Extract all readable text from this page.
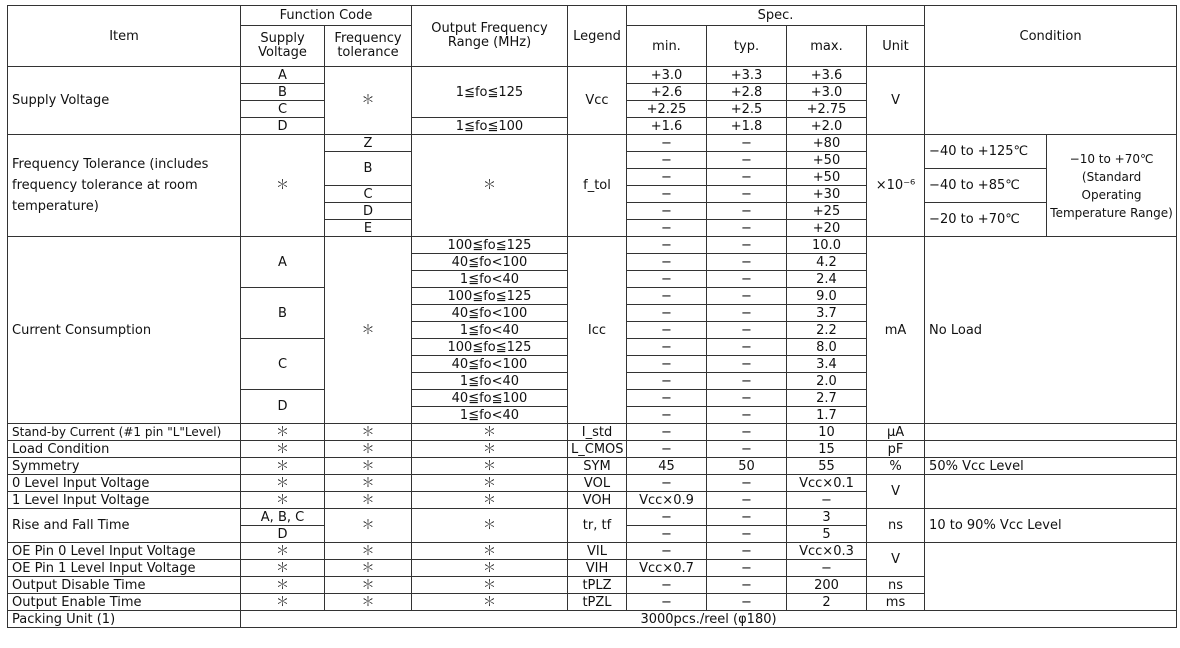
Item	Function Code		Output Frequency Range (MHz)	Legend	Spec.				Condition	
	Supply Voltage	Frequency tolerance			min.	typ.	max.	Unit		
Supply Voltage	A	＊	1≦fo≦125	Vcc	+3.0	+3.3	+3.6	V		
	B				+2.6	+2.8	+3.0			
	C				+2.25	+2.5	+2.75			
	D		1≦fo≦100		+1.6	+1.8	+2.0			
Frequency Tolerance (includes frequency tolerance at room temperature)	＊	Z	＊	f_tol	−	−	+80	×10⁻⁶	−40 to +125℃	−10 to +70℃ (Standard Operating Temperature Range)
		B			−	−	+50			
					−	−	+50		−40 to +85℃	
		C			−	−	+30			
		D			−	−	+25		−20 to +70℃	
		E			−	−	+20			
Current Consumption	A	＊	100≦fo≦125	Icc	−	−	10.0	mA	No Load	
			40≦fo<100		−	−	4.2			
			1≦fo<40		−	−	2.4			
	B		100≦fo≦125		−	−	9.0			
			40≦fo<100		−	−	3.7			
			1≦fo<40		−	−	2.2			
	C		100≦fo≦125		−	−	8.0			
			40≦fo<100		−	−	3.4			
			1≦fo<40		−	−	2.0			
	D		40≦fo≦100		−	−	2.7			
			1≦fo<40		−	−	1.7			
Stand-by Current (#1 pin "L"Level)	＊	＊	＊	I_std	−	−	10	μA		
Load Condition	＊	＊	＊	L_CMOS	−	−	15	pF		
Symmetry	＊	＊	＊	SYM	45	50	55	%	50% Vcc Level	
0 Level Input Voltage	＊	＊	＊	VOL	−	−	Vcc×0.1	V		
1 Level Input Voltage	＊	＊	＊	VOH	Vcc×0.9	−	−			
Rise and Fall Time	A, B, C	＊	＊	tr, tf	−	−	3	ns	10 to 90% Vcc Level	
	D				−	−	5			
OE Pin 0 Level Input Voltage	＊	＊	＊	VIL	−	−	Vcc×0.3	V		
OE Pin 1 Level Input Voltage	＊	＊	＊	VIH	Vcc×0.7	−	−			
Output Disable Time	＊	＊	＊	tPLZ	−	−	200	ns		
Output Enable Time	＊	＊	＊	tPZL	−	−	2	ms		
Packing Unit (1)	3000pcs./reel (φ180)									
